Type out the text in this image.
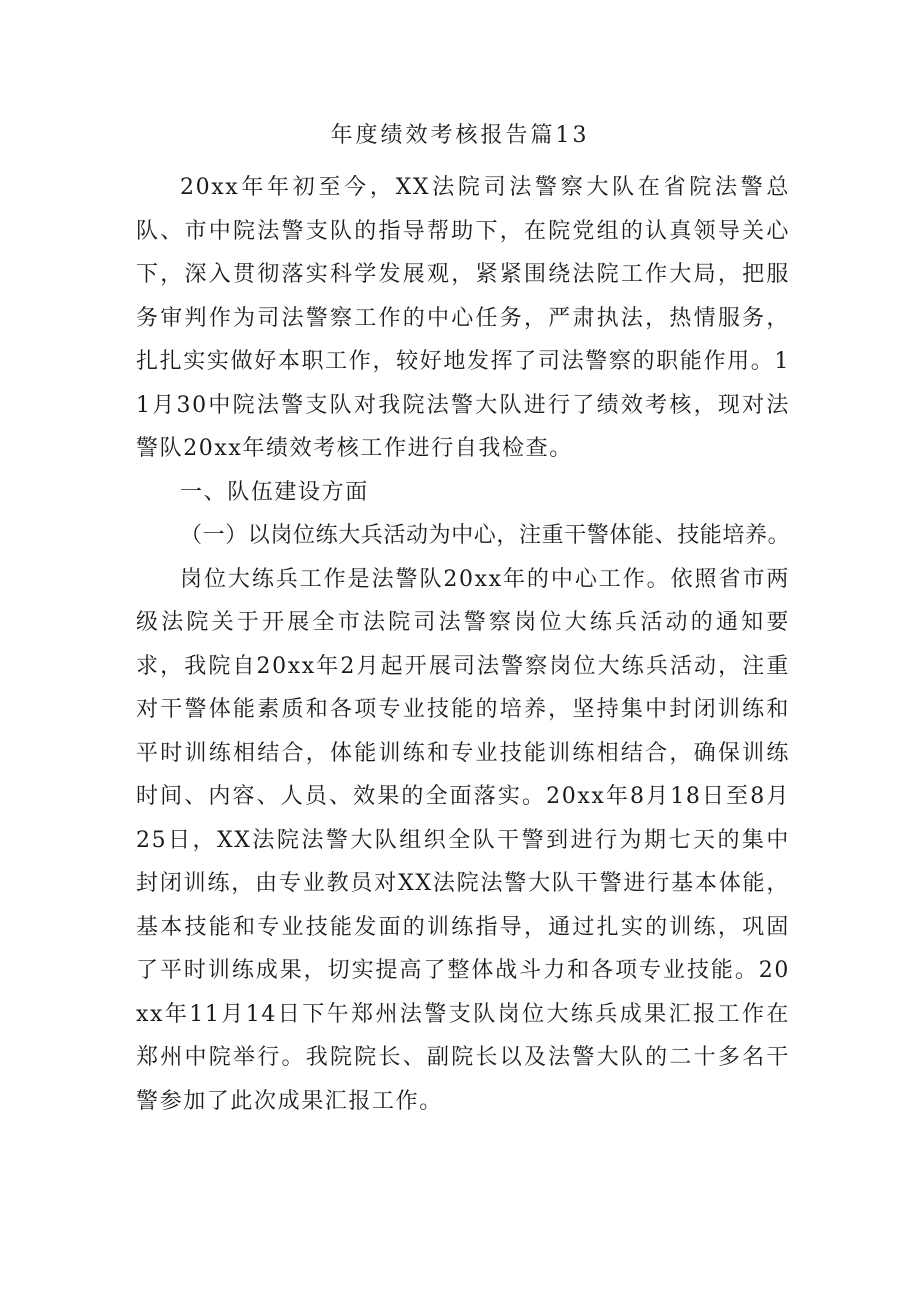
年度绩效考核报告篇13

20xx年年初至今，XX法院司法警察大队在省院法警总队、市中院法警支队的指导帮助下，在院党组的认真领导关心下，深入贯彻落实科学发展观，紧紧围绕法院工作大局，把服务审判作为司法警察工作的中心任务，严肃执法，热情服务，扎扎实实做好本职工作，较好地发挥了司法警察的职能作用。11月30中院法警支队对我院法警大队进行了绩效考核，现对法警队20xx年绩效考核工作进行自我检查。

一、队伍建设方面

（一）以岗位练大兵活动为中心，注重干警体能、技能培养。

岗位大练兵工作是法警队20xx年的中心工作。依照省市两级法院关于开展全市法院司法警察岗位大练兵活动的通知要求，我院自20xx年2月起开展司法警察岗位大练兵活动，注重对干警体能素质和各项专业技能的培养，坚持集中封闭训练和平时训练相结合，体能训练和专业技能训练相结合，确保训练时间、内容、人员、效果的全面落实。20xx年8月18日至8月25日，XX法院法警大队组织全队干警到进行为期七天的集中封闭训练，由专业教员对XX法院法警大队干警进行基本体能，基本技能和专业技能发面的训练指导，通过扎实的训练，巩固了平时训练成果，切实提高了整体战斗力和各项专业技能。20xx年11月14日下午郑州法警支队岗位大练兵成果汇报工作在郑州中院举行。我院院长、副院长以及法警大队的二十多名干警参加了此次成果汇报工作。
